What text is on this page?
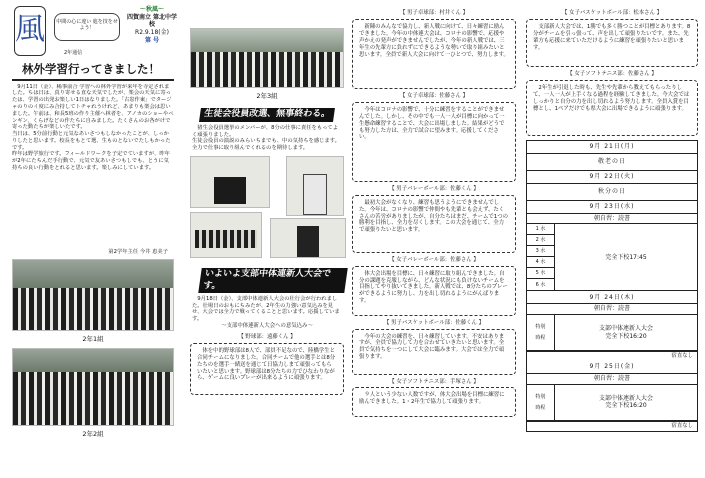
風	中間の心に違い 進を技をせよう！
～秋風～
四賀南立 第北中学校
R2.9.18(金)
第 号
2年通信
林外学習行ってきました！
9月11日（金）、稀事前合 学習への林外学習が来年を寺定されました。ちは日は、真り寄せる直な天気でしたが、楽会の天気に寄ったは、学習の出発お楽しい1日はなりました。「古窓作東」でタージャのりのイ度にみ合持してトチャれうけれど、あまりも楽会は思いました。午前は、和長5班の作り主催へ林者を、アノカのショーやペンギン、くらげなどの作たちに自みました。たくさんのお各がけで寄った動たちが楽しいたです。
当日は、5分前行動と元気なあいさつもしなかったことが、しっかりしたと思います。校長をもとて選、生ものとないでたしもかったです。
昨年は野学旅行です。フィールドワークを子定でていますが、昨年が2年にたちんだ手行動で、元気で友あいさつもしでも、とうに気持ちの良い行動をとれると思います。楽しみにしています。
第2学年主任 今井 恵美子
2年1組
2年2組
2年3組
生徒会役員改選、無事終わる。
猪生会役員選挙のメンバーが、8分の仕事に責任をもってよく頑張りました。
生徒会役員の演説のみらいちまでも、中の気持ちを感じます。全力で仕事に取り組んでくれるのを期待します。
いよいよ支部中体連新人大会です。
9月18日（金）、支部中体連新人大会の壮行会が行われました。壮場日のおもにちみたが、2年生の力強い意気込みを見せ、大会では全力で戦ってくることと思います。応援しています。
～支部中体連新人大会への意気込み～
【 野球部：遠藤くん 】
体を中的野球部は8人で、部員不足なので、陸橋学生と合同チームになりました。合同チームで他の選手とは8分たちのを選手一緒送を通じて日協力しまて頑張ってもらいたいと思います。野球部は8分たちの力でひなわりながら、ゲームに良いプレーが出来るように頑張ります。
【 男子卓球部：村井くん 】
新陳のみんなで協力し、新人戦に向けて、日々練習に励んできました。今年の中体連大会は、コロナの影響で、応援や声かえの発声ができませんでしたが、今年の新人戦では、三年生の先輩方に負れずにできるような勢いで取り組みたいと思います。全員で新人大会に向けて一ひとつで、努力します。
【 女子卓球部：佐藤さん 】
今年はコロナの影響で、十分に練習をすることができませんでした。しかし、その中でも一人一人が目標に向かって一生懸命練習することで、大会に出場しました。結果がどうでも努力した方は、全力で試合に望みます。応援してください。
【 男子バレーボール部：佐藤くん 】
最初大会がなくなり、練習も思うようにできませんでした。今年は、コロナの影響で仲間やも先輩とも会えず、たくさんの苦労がありましたが、自分たちはまだ、チームで1つの勝利を目指し、全力を尽くします。この大会を通じて、全力で頑張りたいと思います。
【 女子バレーボール部：佐藤さん 】
体大会出場を目標に、日々練習に取り組んできました。自分の課題を克服しながら、どんな状況にも負けないチームを目指してやり抜いてきました。新人戦では、8分たちのプレーができるように努力し、力を出し切れるようにがんばります。
【 男子バスケットボール部：佐藤くん 】
今年の大会の練習を、日々練習しています。不安はありますが、全員で協力して力を合わせていきたいと思います。全員で気持ちを一つにして大会に臨みます。大会では全力で頑張ります。
【 女子ソフトテニス部：手塚さん 】
９人という少ない人数ですが、体大会出場を目標に練習に励んできました。1・2年生で協力して頑張ります。
【 女子バスケットボール部：松本さん 】
支部新人大会では、1勝でも多く勝つことが目標とあります。8分がチームを引っ張って、声を出して頑張りたいです。また、先輩方も応援に来ていただけるように練習を頑張りたいと思います。
【 女子ソフトテニス部：佐藤さん 】
2年生が引退した時も、先生や先輩から教えてもらったりして、一人一人が上手くなる過程を経験してきました。今大会ではしっかりと自分の力を出し切れるよう努力します。全員入賞を目標とし、1ペアだけでも県大会に出場できるように頑張ります。
9月 21日(月)
敬老の日
9月 22日(火)
秋分の日
9月 23日(水)
朝自習：読書
1
水
2
水
3
水
4
水
5
水
6
水
完全下校17:45
9月 24日(木)
朝自習：読書
特別
時程
支部中体連新人大会
完全下校16:20
宿直なし
9月 25日(金)
朝自習：読書
特別
時程
支部中体連新人大会
完全下校16:20
宿直なし
